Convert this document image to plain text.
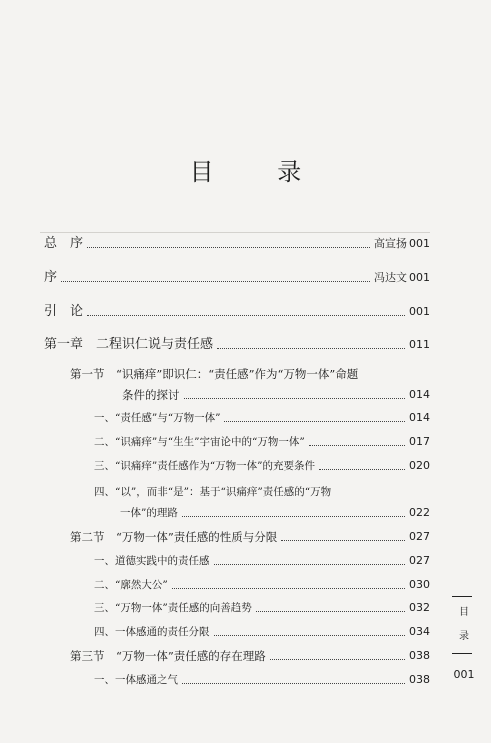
目 录
总　序	高宣扬 001
序	冯达文 001
引　论	001
第一章　二程识仁说与责任感	011
第一节　“识痛痒”即识仁：“责任感”作为“万物一体”命题
条件的探讨	014
一、“责任感”与“万物一体”	014
二、“识痛痒”与“生生”宇宙论中的“万物一体”	017
三、“识痛痒”责任感作为“万物一体”的充要条件	020
四、“以”，而非“是”：基于“识痛痒”责任感的“万物
一体”的理路	022
第二节　“万物一体”责任感的性质与分限	027
一、道德实践中的责任感	027
二、“廓然大公”	030
三、“万物一体”责任感的向善趋势	032
四、一体感通的责任分限	034
第三节　“万物一体”责任感的存在理路	038
一、一体感通之气	038
目
录
001
